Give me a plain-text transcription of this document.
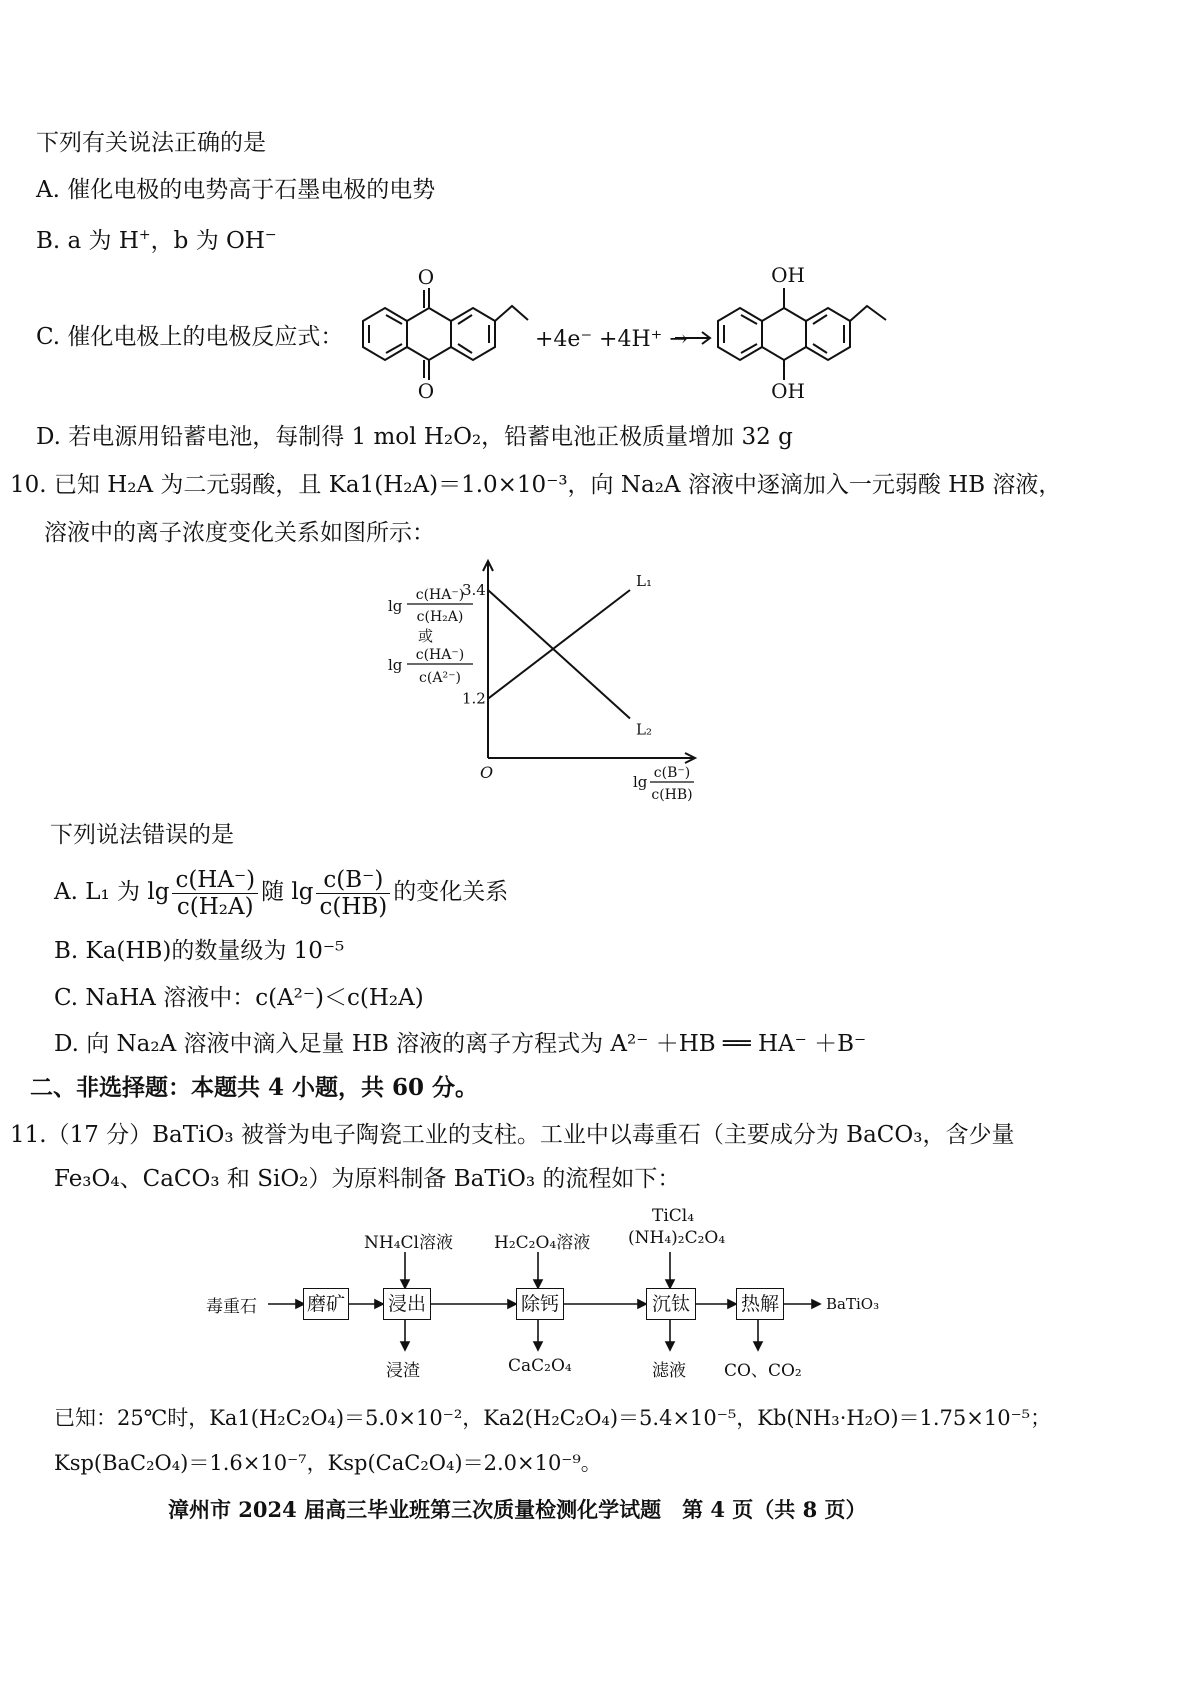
下列有关说法正确的是
A. 催化电极的电势高于石墨电极的电势
B. a 为 H+，b 为 OH−
C. 催化电极上的电极反应式：
O
O
+4e⁻ +4H⁺ →
OH
OH
D. 若电源用铅蓄电池，每制得 1 mol H₂O₂，铅蓄电池正极质量增加 32 g
10. 已知 H₂A 为二元弱酸，且 Ka1(H₂A)＝1.0×10⁻³，向 Na₂A 溶液中逐滴加入一元弱酸 HB 溶液，
溶液中的离子浓度变化关系如图所示：
L₁
L₂
3.4
1.2
O
lg
c(HA⁻)
c(H₂A)
或
lg
c(HA⁻)
c(A²⁻)
lg c(B⁻)
c(HB)
下列说法错误的是
A. L₁ 为 $\lg \frac{c(HA^-)}{\text{c(H₂A)}}$ 随 $\lg \frac{c(B^-)}{c(HB)}$ 的变化关系
B. Ka(HB)的数量级为 10⁻⁵
C. NaHA 溶液中：c(A²⁻)＜c(H₂A)
D. 向 Na₂A 溶液中滴入足量 HB 溶液的离子方程式为 A²⁻ ＋HB ══ HA⁻ ＋B⁻
二、非选择题：本题共 4 小题，共 60 分。
11.（17 分）BaTiO₃ 被誉为电子陶瓷工业的支柱。工业中以毒重石（主要成分为 BaCO₃，含少量
Fe₃O₄、CaCO₃ 和 SiO₂）为原料制备 BaTiO₃ 的流程如下：
毒重石	磨矿 浸出	除钙	沉钛	热解	BaTiO₃
NH₄Cl溶液 H₂C₂O₄溶液
TiCl₄
(NH₄)₂C₂O₄
浸渣	CaC₂O₄	滤液 CO、CO₂
已知：25℃时，Ka1(H₂C₂O₄)＝5.0×10⁻²，Ka2(H₂C₂O₄)＝5.4×10⁻⁵，Kb(NH₃·H₂O)＝1.75×10⁻⁵；
Ksp(BaC₂O₄)＝1.6×10⁻⁷，Ksp(CaC₂O₄)＝2.0×10⁻⁹。
漳州市 2024 届高三毕业班第三次质量检测化学试题　第 4 页（共 8 页）
